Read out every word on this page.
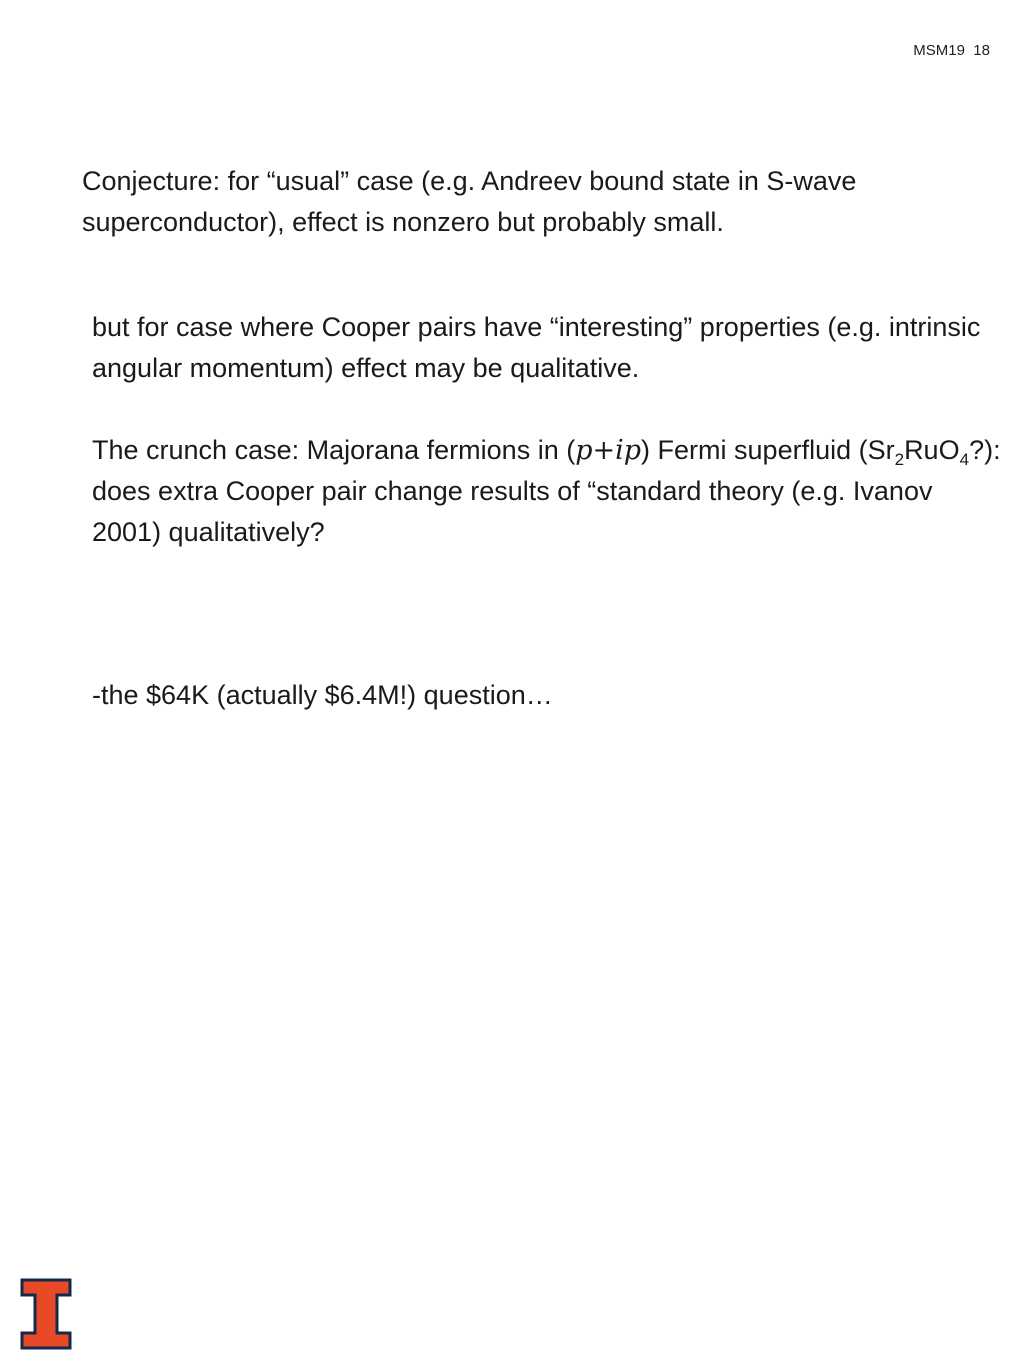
MSM19  18

Conjecture: for “usual” case (e.g. Andreev bound state in S-wave superconductor), effect is nonzero but probably small.

but for case where Cooper pairs have “interesting” properties (e.g. intrinsic angular momentum) effect may be qualitative.

The crunch case: Majorana fermions in (p+ip) Fermi superfluid $(Sr_2RuO_4?)$: does extra Cooper pair change results of “standard theory (e.g. Ivanov 2001) qualitatively?

-the $64K (actually $6.4M!) question…
